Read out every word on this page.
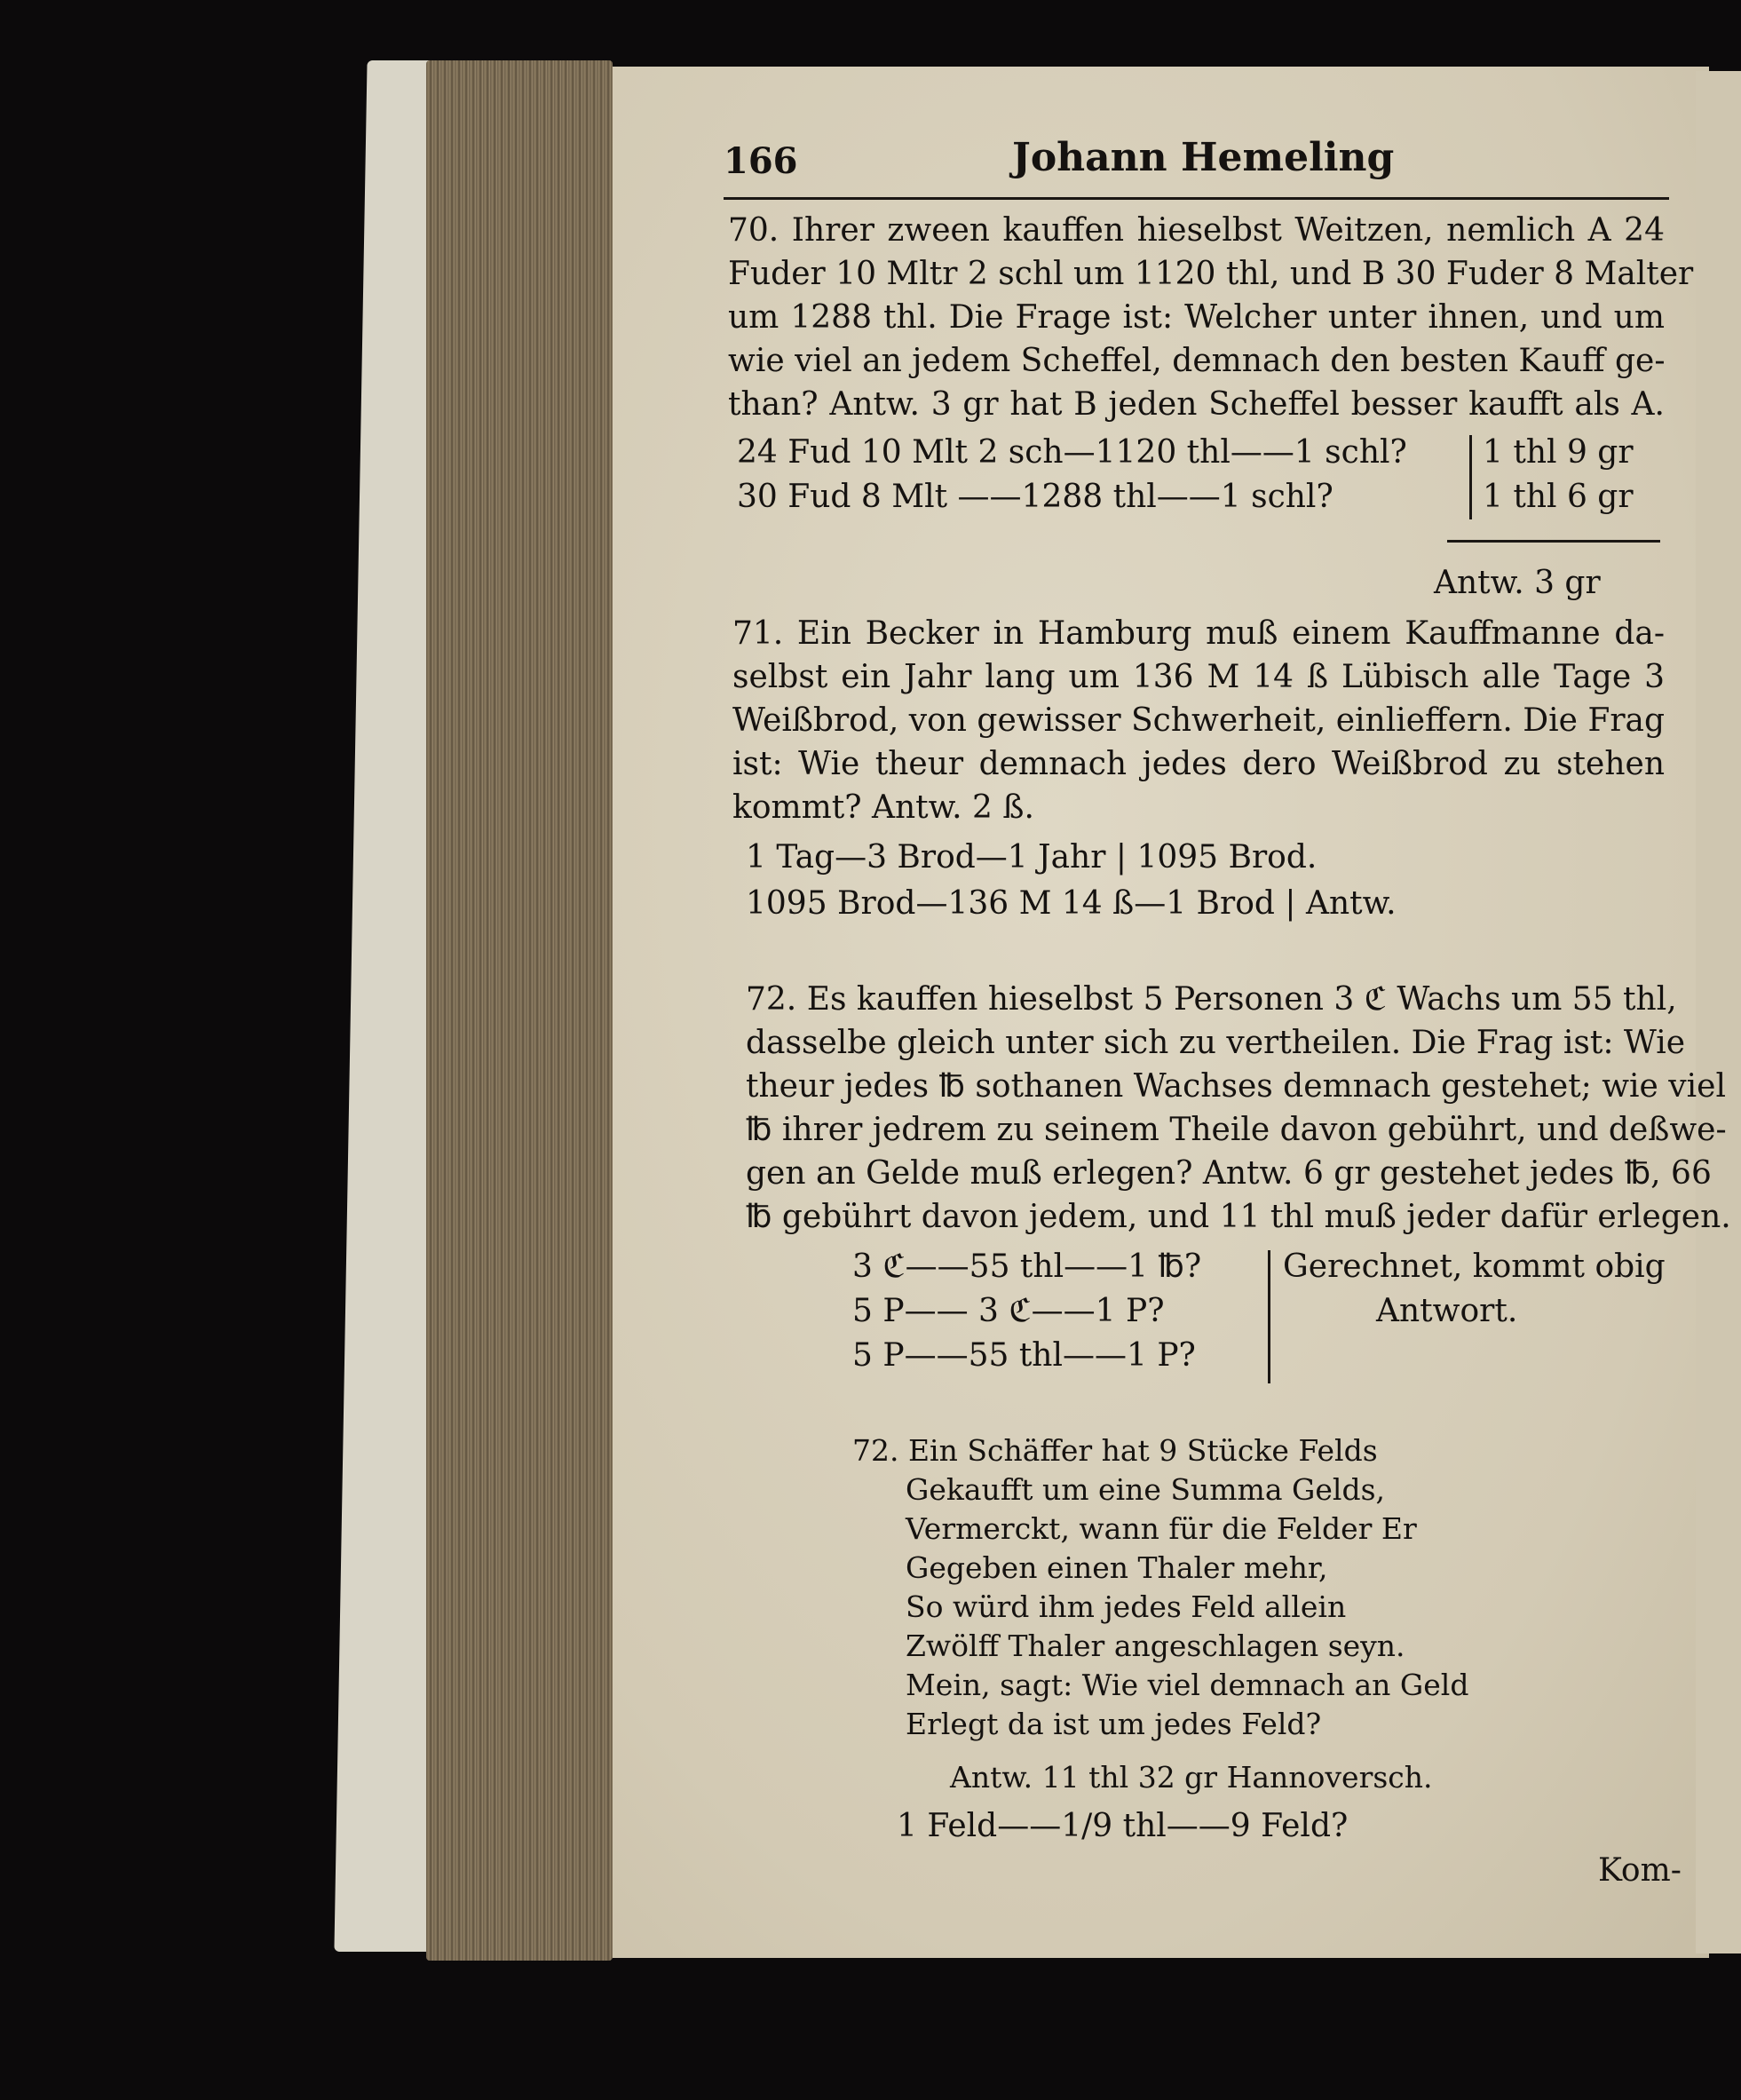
166	Johann Hemeling
70. Ihrer zween kauffen hieselbst Weitzen, nemlich A 24
Fuder 10 Mltr 2 schl um 1120 thl, und B 30 Fuder 8 Malter
um 1288 thl. Die Frage ist: Welcher unter ihnen, und um
wie viel an jedem Scheffel, demnach den besten Kauff ge-
than? Antw. 3 gr hat B jeden Scheffel besser kaufft als A.
24 Fud 10 Mlt 2 sch—1120 thl——1 schl? 1 thl 9 gr
30 Fud 8 Mlt ——1288 thl——1 schl?	1 thl 6 gr
Antw. 3 gr
71. Ein Becker in Hamburg muß einem Kauffmanne da-
selbst ein Jahr lang um 136 M 14 ß Lübisch alle Tage 3
Weißbrod, von gewisser Schwerheit, einlieffern. Die Frag
ist: Wie theur demnach jedes dero Weißbrod zu stehen
kommt? Antw. 2 ß.
1 Tag—3 Brod—1 Jahr | 1095 Brod.
1095 Brod—136 M 14 ß—1 Brod | Antw.
72. Es kauffen hieselbst 5 Personen 3 ℭ Wachs um 55 thl,
dasselbe gleich unter sich zu vertheilen. Die Frag ist: Wie
theur jedes ℔ sothanen Wachses demnach gestehet; wie viel
℔ ihrer jedrem zu seinem Theile davon gebührt, und deßwe-
gen an Gelde muß erlegen? Antw. 6 gr gestehet jedes ℔, 66
℔ gebührt davon jedem, und 11 thl muß jeder dafür erlegen.
3 ℭ——55 thl——1 ℔?
5 P—— 3 ℭ——1 P?
5 P——55 thl——1 P?
Gerechnet, kommt obig
Antwort.
72. Ein Schäffer hat 9 Stücke Felds
Gekaufft um eine Summa Gelds,
Vermerckt, wann für die Felder Er
Gegeben einen Thaler mehr,
So würd ihm jedes Feld allein
Zwölff Thaler angeschlagen seyn.
Mein, sagt: Wie viel demnach an Geld
Erlegt da ist um jedes Feld?
Antw. 11 thl 32 gr Hannoversch.
1 Feld——1/9 thl——9 Feld?
Kom-
